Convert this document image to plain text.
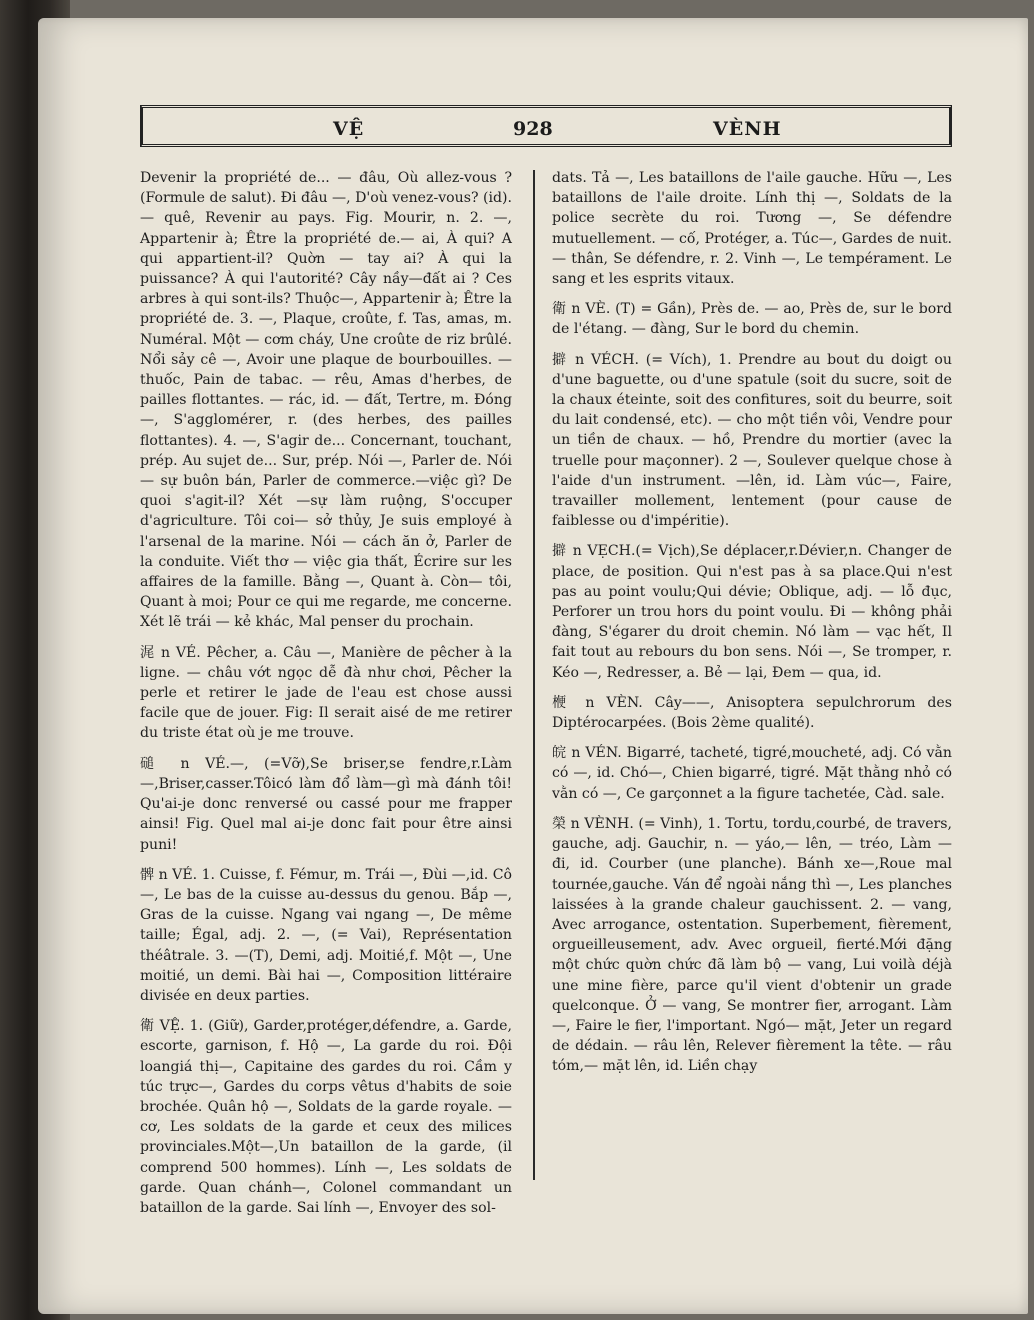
VỆ	928	VÈNH

Devenir la propriété de... — đâu, Où allez-vous ? (Formule de salut). Đi đâu —, D'où venez-vous? (id). — quê, Revenir au pays. Fig. Mourir, n. 2. —, Appartenir à; Être la propriété de.— ai, À qui? A qui appartient-il? Quờn — tay ai? À qui la puissance? À qui l'autorité? Cây nầy—đất ai ? Ces arbres à qui sont-ils? Thuộc—, Appartenir à; Être la propriété de. 3. —, Plaque, croûte, f. Tas, amas, m. Numéral. Một — cơm cháy, Une croûte de riz brûlé. Nổi sảy cê —, Avoir une plaque de bourbouilles. —thuốc, Pain de tabac. — rêu, Amas d'herbes, de pailles flottantes. — rác, id. — đất, Tertre, m. Đóng —, S'agglomérer, r. (des herbes, des pailles flottantes). 4. —, S'agir de... Concernant, touchant, prép. Au sujet de... Sur, prép. Nói —, Parler de. Nói — sự buôn bán, Parler de commerce.—việc gì? De quoi s'agit-il? Xét —sự làm ruộng, S'occuper d'agriculture. Tôi coi— sở thủy, Je suis employé à l'arsenal de la marine. Nói — cách ăn ở, Parler de la conduite. Viết thơ — việc gia thất, Écrire sur les affaires de la famille. Bằng —, Quant à. Còn— tôi, Quant à moi; Pour ce qui me regarde, me concerne. Xét lẽ trái — kẻ khác, Mal penser du prochain.

浘 n VÉ. Pêcher, a. Câu —, Manière de pêcher à la ligne. — châu vớt ngọc dễ đà như chơi, Pêcher la perle et retirer le jade de l'eau est chose aussi facile que de jouer. Fig: Il serait aisé de me retirer du triste état où je me trouve.

磓 n VÉ.—, (=Vỡ),Se briser,se fendre,r.Làm —,Briser,casser.Tôicó làm đổ làm—gì mà đánh tôi! Qu'ai-je donc renversé ou cassé pour me frapper ainsi! Fig. Quel mal ai-je donc fait pour être ainsi puni!

髀 n VÉ. 1. Cuisse, f. Fémur, m. Trái —, Đùi —,id. Cô—, Le bas de la cuisse au-dessus du genou. Bắp —, Gras de la cuisse. Ngang vai ngang —, De même taille; Égal, adj. 2. —, (= Vai), Représentation théâtrale. 3. —(T), Demi, adj. Moitié,f. Một —, Une moitié, un demi. Bài hai —, Composition littéraire divisée en deux parties.

衛 VỆ. 1. (Giữ), Garder,protéger,défendre, a. Garde, escorte, garnison, f. Hộ —, La garde du roi. Đội loangiá thị—, Capitaine des gardes du roi. Cầm y túc trực—, Gardes du corps vêtus d'habits de soie brochée. Quân hộ —, Soldats de la garde royale. — cơ, Les soldats de la garde et ceux des milices provinciales.Một—,Un bataillon de la garde, (il comprend 500 hommes). Lính —, Les soldats de garde. Quan chánh—, Colonel commandant un bataillon de la garde. Sai lính —, Envoyer des sol-

dats. Tả —, Les bataillons de l'aile gauche. Hữu —, Les bataillons de l'aile droite. Lính thị —, Soldats de la police secrète du roi. Tương —, Se défendre mutuellement. — cố, Protéger, a. Túc—, Gardes de nuit. — thân, Se défendre, r. 2. Vinh —, Le tempérament. Le sang et les esprits vitaux.

衛 n VÈ. (T) = Gần), Près de. — ao, Près de, sur le bord de l'étang. — đàng, Sur le bord du chemin.

擗 n VÉCH. (= Vích), 1. Prendre au bout du doigt ou d'une baguette, ou d'une spatule (soit du sucre, soit de la chaux éteinte, soit des confitures, soit du beurre, soit du lait condensé, etc). — cho một tiền vôi, Vendre pour un tiền de chaux. — hồ, Prendre du mortier (avec la truelle pour maçonner). 2 —, Soulever quelque chose à l'aide d'un instrument. —lên, id. Làm vúc—, Faire, travailler mollement, lentement (pour cause de faiblesse ou d'impéritie).

擗 n VẸCH.(= Vịch),Se déplacer,r.Dévier,n. Changer de place, de position. Qui n'est pas à sa place.Qui n'est pas au point voulu;Qui dévie; Oblique, adj. — lỗ đục, Perforer un trou hors du point voulu. Đi — không phải đàng, S'égarer du droit chemin. Nó làm — vạc hết, Il fait tout au rebours du bon sens. Nói —, Se tromper, r. Kéo —, Redresser, a. Bẻ — lại, Đem — qua, id.

楩 n VÈN. Cây——, Anisoptera sepulchrorum des Diptérocarpées. (Bois 2ème qualité).

皖 n VÉN. Bigarré, tacheté, tigré,moucheté, adj. Có vằn có —, id. Chó—, Chien bigarré, tigré. Mặt thằng nhỏ có vằn có —, Ce garçonnet a la figure tachetée, Càd. sale.

榮 n VÈNH. (= Vinh), 1. Tortu, tordu,courbé, de travers, gauche, adj. Gauchir, n. — yáo,— lên, — tréo, Làm — đi, id. Courber (une planche). Bánh xe—,Roue mal tournée,gauche. Ván để ngoài nắng thì —, Les planches laissées à la grande chaleur gauchissent. 2. — vang, Avec arrogance, ostentation. Superbement, fièrement, orgueilleusement, adv. Avec orgueil, fierté.Mới đặng một chức quờn chức đã làm bộ — vang, Lui voilà déjà une mine fière, parce qu'il vient d'obtenir un grade quelconque. Ở — vang, Se montrer fier, arrogant. Làm —, Faire le fier, l'important. Ngó— mặt, Jeter un regard de dédain. — râu lên, Relever fièrement la tête. — râu tóm,— mặt lên, id. Liền chạy
